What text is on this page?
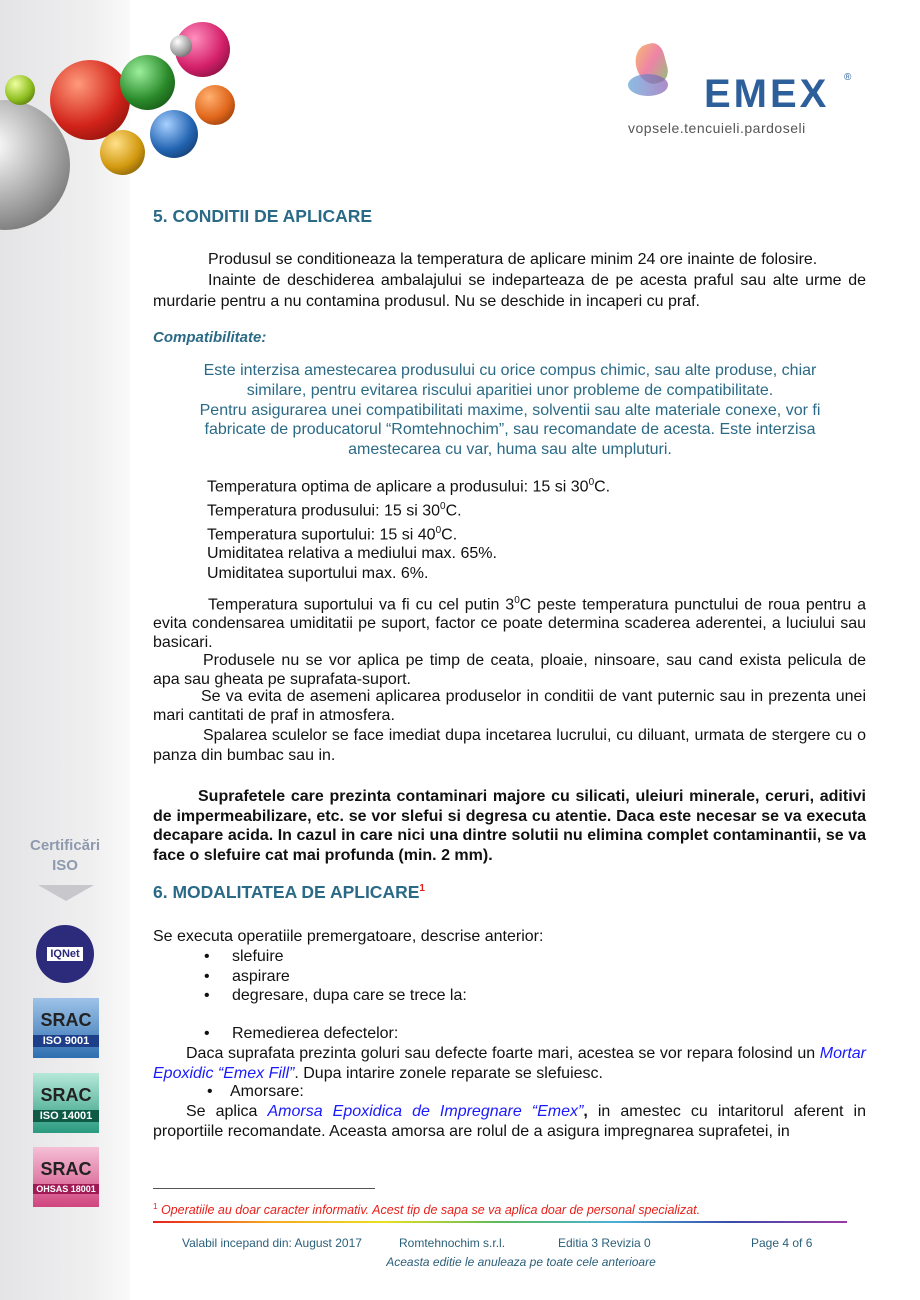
Certificări
ISO
IQNet
SRAC
ISO 9001
SRAC
ISO 14001
SRAC
OHSAS 18001
EMEX ®
vopsele.tencuieli.pardoseli
5. CONDITII DE APLICARE
Produsul se conditioneaza la temperatura de aplicare minim 24 ore inainte de folosire.
Inainte de deschiderea ambalajului se indeparteaza de pe acesta praful sau alte urme de murdarie pentru a nu contamina produsul. Nu se deschide in incaperi cu praf.
Compatibilitate:
Este interzisa amestecarea produsului cu orice compus chimic, sau alte produse, chiar similare, pentru evitarea riscului aparitiei unor probleme de compatibilitate.
Pentru asigurarea unei compatibilitati maxime, solventii sau alte materiale conexe, vor fi fabricate de producatorul “Romtehnochim”, sau recomandate de acesta. Este interzisa amestecarea cu var, huma sau alte umpluturi.
Temperatura optima de aplicare a produsului: 15 si $30^0C$.
Temperatura produsului: 15 si $30^0C$.
Temperatura suportului: 15 si $40^0C$.
Umiditatea relativa a mediului max. 65%.
Umiditatea suportului max. 6%.
Temperatura suportului va fi cu cel putin $3^0C$ peste temperatura punctului de roua pentru a evita condensarea umiditatii pe suport, factor ce poate determina scaderea aderentei, a luciului sau basicari.
Produsele nu se vor aplica pe timp de ceata, ploaie, ninsoare, sau cand exista pelicula de apa sau gheata pe suprafata-suport.
Se va evita de asemeni aplicarea produselor in conditii de vant puternic sau in prezenta unei mari cantitati de praf in atmosfera.
Spalarea sculelor se face imediat dupa incetarea lucrului, cu diluant, urmata de stergere cu o panza din bumbac sau in.
Suprafetele care prezinta contaminari majore cu silicati, uleiuri minerale, ceruri, aditivi de impermeabilizare, etc. se vor slefui si degresa cu atentie. Daca este necesar se va executa decapare acida. In cazul in care nici una dintre solutii nu elimina complet contaminantii, se va face o slefuire cat mai profunda (min. 2 mm).
6. MODALITATEA DE APLICARE$^1$
Se executa operatiile premergatoare, descrise anterior:
• slefuire
• aspirare
• degresare, dupa care se trece la:
• Remedierea defectelor:
Daca suprafata prezinta goluri sau defecte foarte mari, acestea se vor repara folosind un Mortar Epoxidic “Emex Fill”. Dupa intarire zonele reparate se slefuiesc.
• Amorsare:
Se aplica Amorsa Epoxidica de Impregnare “Emex”, in amestec cu intaritorul aferent in proportiile recomandate. Aceasta amorsa are rolul de a asigura impregnarea suprafetei, in
$^1$ Operatiile au doar caracter informativ. Acest tip de sapa se va aplica doar de personal specializat.
Valabil incepand din: August 2017	Romtehnochim s.r.l.	Editia 3 Revizia 0	Page 4 of 6
Aceasta editie le anuleaza pe toate cele anterioare
